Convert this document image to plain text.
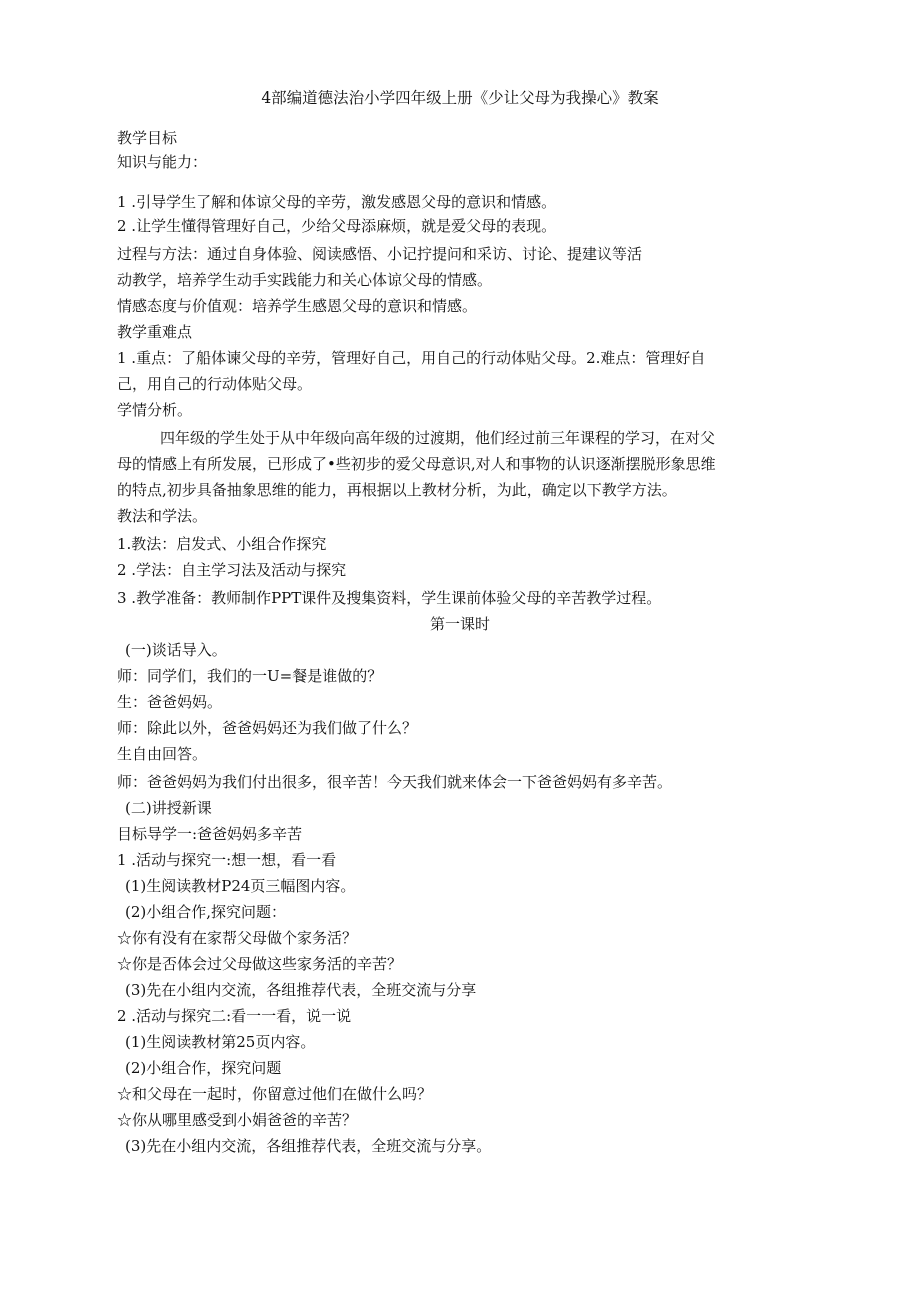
4部编道德法治小学四年级上册《少让父母为我操心》教案
教学目标
知识与能力：
1 .引导学生了解和体谅父母的辛劳，激发感恩父母的意识和情感。
2 .让学生懂得管理好自己，少给父母添麻烦，就是爱父母的表现。
过程与方法：通过自身体验、阅读感悟、小记拧提问和采访、讨论、提建议等活
动教学，培养学生动手实践能力和关心体谅父母的情感。
情感态度与价值观：培养学生感恩父母的意识和情感。
教学重难点
1 .重点：了船体谏父母的辛劳，管理好自己，用自己的行动体贴父母。2.难点：管理好自
己，用自己的行动体贴父母。
学情分析。
四年级的学生处于从中年级向高年级的过渡期，他们经过前三年课程的学习，在对父
母的情感上有所发展，已形成了•些初步的爱父母意识,对人和事物的认识逐渐摆脱形象思维
的特点,初步具备抽象思维的能力，再根据以上教材分析，为此，确定以下教学方法。
教法和学法。
1.教法：启发式、小组合作探究
2 .学法：自主学习法及活动与探究
3 .教学准备：教师制作PPT课件及搜集资料，学生课前体验父母的辛苦教学过程。
第一课时
(一)谈话导入。
师：同学们，我们的一U=餐是谁做的？
生：爸爸妈妈。
师：除此以外，爸爸妈妈还为我们做了什么？
生自由回答。
师：爸爸妈妈为我们付出很多，很辛苦！今天我们就来体会一下爸爸妈妈有多辛苦。
(二)讲授新课
目标导学一:爸爸妈妈多辛苦
1 .活动与探究一:想一想，看一看
(1)生阅读教材P24页三幅图内容。
(2)小组合作,探究问题：
☆你有没有在家帮父母做个家务活？
☆你是否体会过父母做这些家务活的辛苦？
(3)先在小组内交流，各组推荐代表，全班交流与分享
2 .活动与探究二:看一一看，说一说
(1)生阅读教材第25页内容。
(2)小组合作，探究问题
☆和父母在一起时，你留意过他们在做什么吗？
☆你从哪里感受到小娟爸爸的辛苦？
(3)先在小组内交流，各组推荐代表，全班交流与分享。
